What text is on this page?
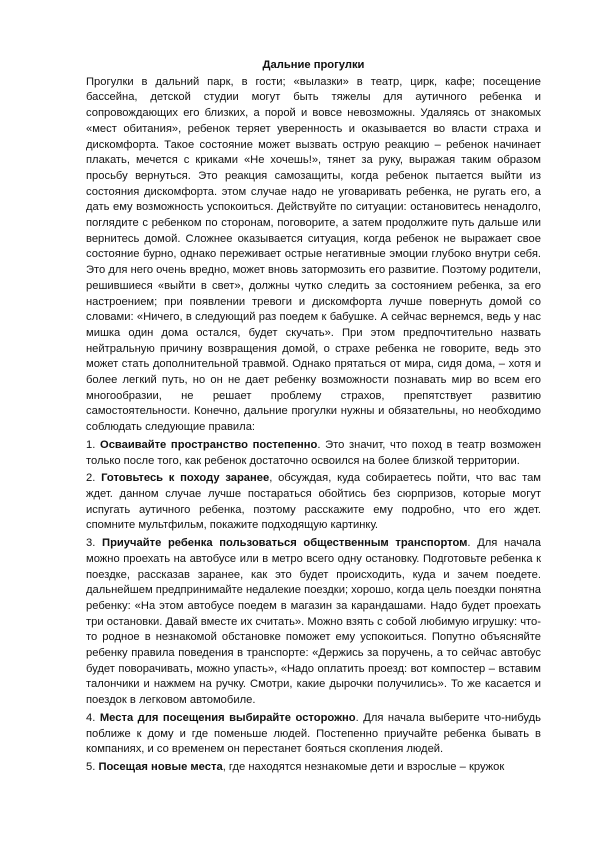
Дальние прогулки

Прогулки в дальний парк, в гости; «вылазки» в театр, цирк, кафе; посещение бассейна, детской студии могут быть тяжелы для аутичного ребенка и сопровождающих его близких, а порой и вовсе невозможны. Удаляясь от знакомых «мест обитания», ребенок теряет уверенность и оказывается во власти страха и дискомфорта. Такое состояние может вызвать острую реакцию – ребенок начинает плакать, мечется с криками «Не хочешь!», тянет за руку, выражая таким образом просьбу вернуться. Это реакция самозащиты, когда ребенок пытается выйти из состояния дискомфорта. этом случае надо не уговаривать ребенка, не ругать его, а дать ему возможность успокоиться. Действуйте по ситуации: остановитесь ненадолго, поглядите с ребенком по сторонам, поговорите, а затем продолжите путь дальше или вернитесь домой. Сложнее оказывается ситуация, когда ребенок не выражает свое состояние бурно, однако переживает острые негативные эмоции глубоко внутри себя. Это для него очень вредно, может вновь затормозить его развитие. Поэтому родители, решившиеся «выйти в свет», должны чутко следить за состоянием ребенка, за его настроением; при появлении тревоги и дискомфорта лучше повернуть домой со словами: «Ничего, в следующий раз поедем к бабушке. А сейчас вернемся, ведь у нас мишка один дома остался, будет скучать». При этом предпочтительно назвать нейтральную причину возвращения домой, о страхе ребенка не говорите, ведь это может стать дополнительной травмой. Однако прятаться от мира, сидя дома, – хотя и более легкий путь, но он не дает ребенку возможности познавать мир во всем его многообразии, не решает проблему страхов, препятствует развитию самостоятельности. Конечно, дальние прогулки нужны и обязательны, но необходимо соблюдать следующие правила:

1. Осваивайте пространство постепенно. Это значит, что поход в театр возможен только после того, как ребенок достаточно освоился на более близкой территории.

2. Готовьтесь к походу заранее, обсуждая, куда собираетесь пойти, что вас там ждет. данном случае лучше постараться обойтись без сюрпризов, которые могут испугать аутичного ребенка, поэтому расскажите ему подробно, что его ждет. спомните мультфильм, покажите подходящую картинку.

3. Приучайте ребенка пользоваться общественным транспортом. Для начала можно проехать на автобусе или в метро всего одну остановку. Подготовьте ребенка к поездке, рассказав заранее, как это будет происходить, куда и зачем поедете. дальнейшем предпринимайте недалекие поездки; хорошо, когда цель поездки понятна ребенку: «На этом автобусе поедем в магазин за карандашами. Надо будет проехать три остановки. Давай вместе их считать». Можно взять с собой любимую игрушку: что-то родное в незнакомой обстановке поможет ему успокоиться. Попутно объясняйте ребенку правила поведения в транспорте: «Держись за поручень, а то сейчас автобус будет поворачивать, можно упасть», «Надо оплатить проезд: вот компостер – вставим талончики и нажмем на ручку. Смотри, какие дырочки получились». То же касается и поездок в легковом автомобиле.

4. Места для посещения выбирайте осторожно. Для начала выберите что-нибудь поближе к дому и где поменьше людей. Постепенно приучайте ребенка бывать в компаниях, и со временем он перестанет бояться скопления людей.

5. Посещая новые места, где находятся незнакомые дети и взрослые – кружок
